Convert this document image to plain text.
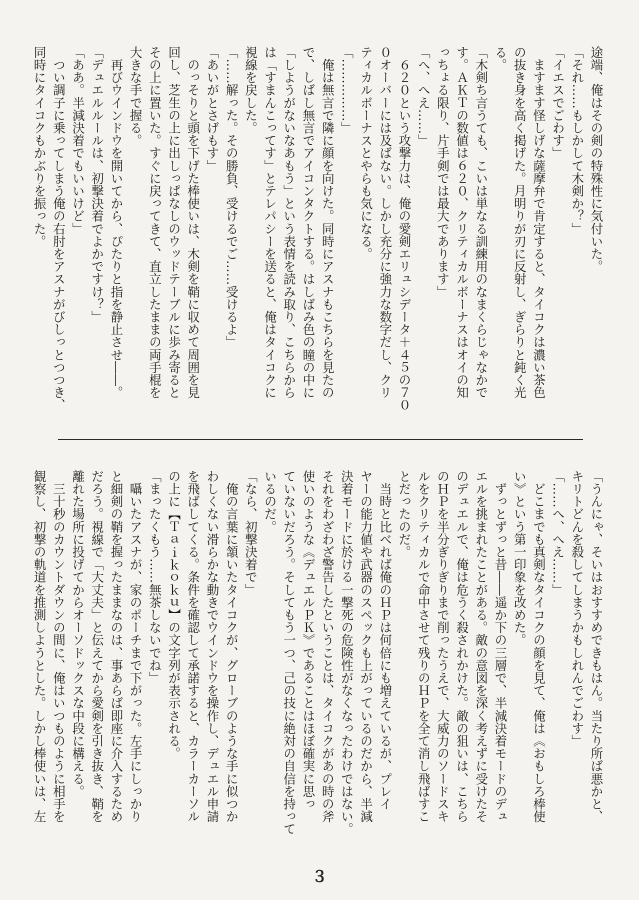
途端、俺はその剣の特殊性に気付いた。
「それ……もしかして木剣か？」
「イエスでごわす」
　ますます怪しげな薩摩弁で肯定すると、タイコクは濃い茶色
の抜き身を高く掲げた。月明りが刃に反射し、ぎらりと鈍く光
る。
「木剣ち言うても、こいは単なる訓練用のなまくらじゃなかで
す。ＡＫＴの数値は６２０、クリティカルボーナスはオイの知
っちょる限り、片手剣では最大であります」
「へ、へえ……」
　６２０という攻撃力は、俺の愛剣エリュシデータ＋４５の７０
０オーバーには及ばない。しかし充分に強力な数字だし、クリ
ティカルボーナスとやらも気になる。
「……………」
　俺は無言で隣に顔を向けた。同時にアスナもこちらを見たの
で、しばし無言でアイコンタクトする。はしばみ色の瞳の中に
「しようがないなあもう」という表情を読み取り、こちらから
は「すまんこってす」とテレパシーを送ると、俺はタイコクに
視線を戻した。
「……解った。その勝負、受けるでご……受けるよ」
「あいがとさげもす」
　のっそりと頭を下げた棒使いは、木剣を鞘に収めて周囲を見
回し、芝生の上に出しっぱなしのウッドテーブルに歩み寄ると
その上に置いた。すぐに戻ってきて、直立したままの両手棍を
大きな手で握る。
　再びウインドウを開いてから、ぴたりと指を静止させ――。
「デュエルルールは、初撃決着でよかですけ？」
「ああ。半減決着でもいいけど」
　つい調子に乗ってしまう俺の右肘をアスナがびしっとつつき、
同時にタイコクもかぶりを振った。
「うんにゃ、そいはおすすめできもはん。当たり所ば悪かと、
キリトどんを殺してしまうかもしれんでごわす」
「……へ、へえ……」
　どこまでも真剣なタイコクの顔を見て、俺は《おもしろ棒使
い》という第一印象を改めた。
　ずっとずっと昔――遥か下の三層で、半減決着モードのデュ
エルを挑まれたことがある。敵の意図を深く考えずに受けたそ
のデュエルで、俺は危うく殺されかけた。敵の狙いは、こちら
のＨＰを半分ぎりぎりまで削ったうえで、大威力のソードスキ
ルをクリティカルで命中させて残りのＨＰを全て消し飛ばすこ
とだったのだ。
　当時と比べれば俺のＨＰは何倍にも増えているが、プレイ
ヤーの能力値や武器のスペックも上がっているのだから、半減
決着モードに於ける一撃死の危険性がなくなったわけではない。
それをわざわざ警告したということは、タイコクがあの時の斧
使いのような《デュエルＰＫ》であることはほぼ確実に思っ
ていないだろう。そしてもう一つ、己の技に絶対の自信を持って
いるのだ。
「なら、初撃決着で」
　俺の言葉に頷いたタイコクが、グローブのような手に似つか
わしくない滑らかな動きでウインドウを操作し、デュエル申請
を飛ばしてくる。条件を確認して承諾すると、カラーカーソル
の上に【Ｔａｉｋｏｋｕ】の文字列が表示される。
「まったくもう……無茶しないでね」
　囁いたアスナが、家のポーチまで下がった。左手にしっかり
と細剣の鞘を握ったままなのは、事あらば即座に介入するため
だろう。視線で「大丈夫」と伝えてから愛剣を引き抜き、鞘を
離れた場所に投げてからオーソドックスな中段に構える。
　三十秒のカウントダウンの間に、俺はいつものように相手を
観察し、初撃の軌道を推測しようとした。しかし棒使いは、左
３
